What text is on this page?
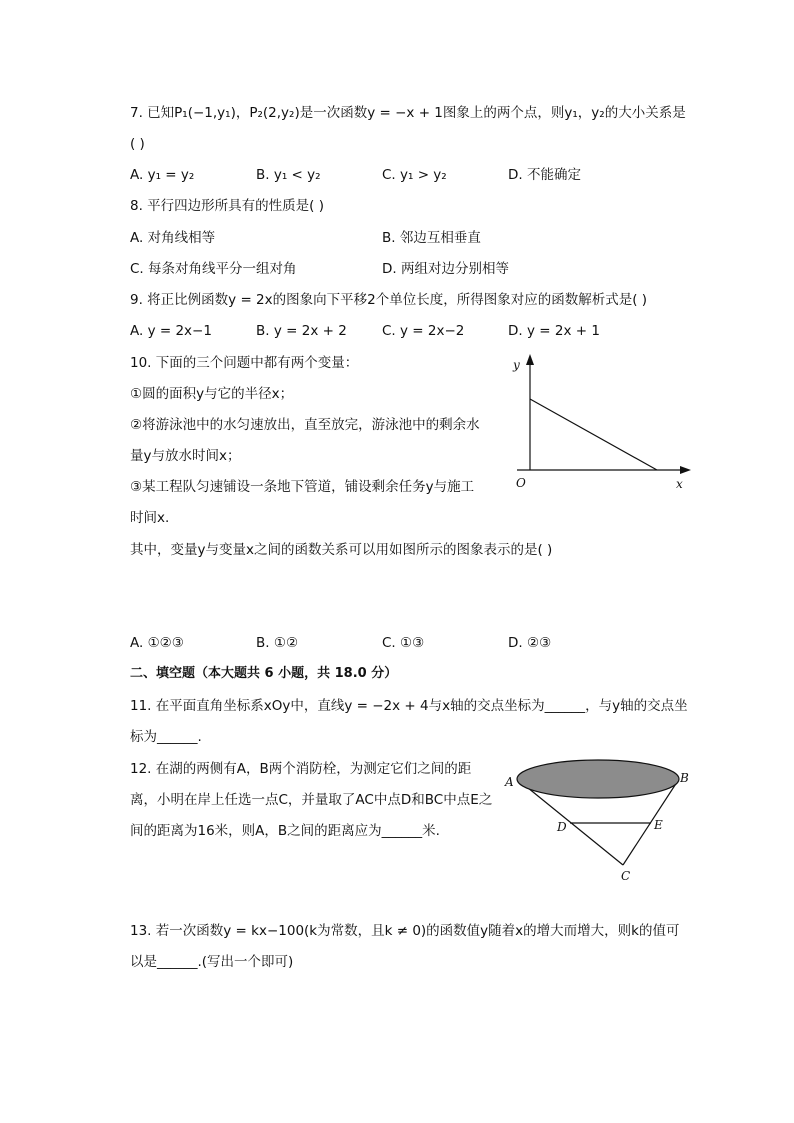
7. 已知P₁(−1,y₁)，P₂(2,y₂)是一次函数y = −x + 1图象上的两个点，则y₁，y₂的大小关系是
( )
A. y₁ = y₂	B. y₁ < y₂	C. y₁ > y₂	D. 不能确定
8. 平行四边形所具有的性质是( )
A. 对角线相等	B. 邻边互相垂直
C. 每条对角线平分一组对角	D. 两组对边分别相等
9. 将正比例函数y = 2x的图象向下平移2个单位长度，所得图象对应的函数解析式是( )
A. y = 2x−1	B. y = 2x + 2	C. y = 2x−2	D. y = 2x + 1
10. 下面的三个问题中都有两个变量：
①圆的面积y与它的半径x；
②将游泳池中的水匀速放出，直至放完，游泳池中的剩余水
量y与放水时间x；
③某工程队匀速铺设一条地下管道，铺设剩余任务y与施工
时间x.
其中，变量y与变量x之间的函数关系可以用如图所示的图象表示的是( )
A. ①②③	B. ①②	C. ①③	D. ②③
y
x
O
二、填空题（本大题共 6 小题，共 18.0 分）
11. 在平面直角坐标系xOy中，直线y = −2x + 4与x轴的交点坐标为______，与y轴的交点坐
标为______.
12. 在湖的两侧有A，B两个消防栓，为测定它们之间的距
离，小明在岸上任选一点C，并量取了AC中点D和BC中点E之
间的距离为16米，则A，B之间的距离应为______米.
A	B
C
D	E
13. 若一次函数y = kx−100(k为常数，且k ≠ 0)的函数值y随着x的增大而增大，则k的值可
以是______.(写出一个即可)
